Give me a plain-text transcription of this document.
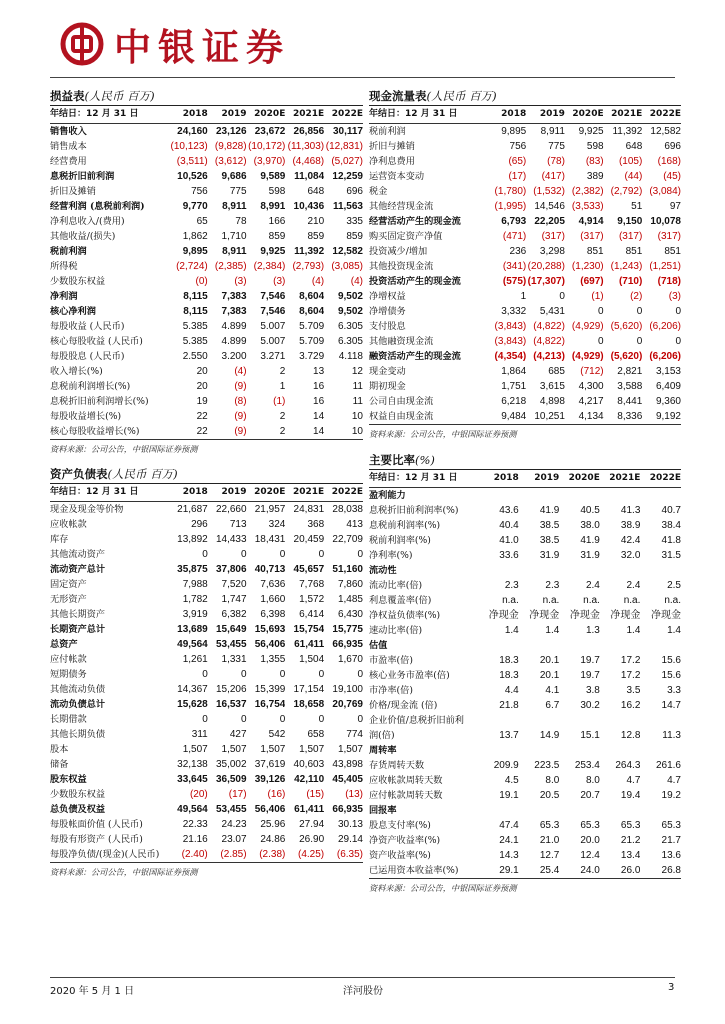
中银证券
损益表(人民币 百万)
年结日：12 月 31 日	2018	2019	2020E	2021E	2022E
销售收入	24,160	23,126	23,672	26,856	30,117
销售成本	(10,123)	(9,828)	(10,172)	(11,303)	(12,831)
经营费用	(3,511)	(3,612)	(3,970)	(4,468)	(5,027)
息税折旧前利润	10,526	9,686	9,589	11,084	12,259
折旧及摊销	756	775	598	648	696
经营利润 (息税前利润)	9,770	8,911	8,991	10,436	11,563
净利息收入/(费用)	65	78	166	210	335
其他收益/(损失)	1,862	1,710	859	859	859
税前利润	9,895	8,911	9,925	11,392	12,582
所得税	(2,724)	(2,385)	(2,384)	(2,793)	(3,085)
少数股东权益	(0)	(3)	(3)	(4)	(4)
净利润	8,115	7,383	7,546	8,604	9,502
核心净利润	8,115	7,383	7,546	8,604	9,502
每股收益 (人民币)	5.385	4.899	5.007	5.709	6.305
核心每股收益 (人民币)	5.385	4.899	5.007	5.709	6.305
每股股息 (人民币)	2.550	3.200	3.271	3.729	4.118
收入增长(%)	20	(4)	2	13	12
息税前利润增长(%)	20	(9)	1	16	11
息税折旧前利润增长(%)	19	(8)	(1)	16	11
每股收益增长(%)	22	(9)	2	14	10
核心每股收益增长(%)	22	(9)	2	14	10
资料来源：公司公告，中银国际证券预测
现金流量表(人民币 百万)
年结日：12 月 31 日	2018	2019	2020E	2021E	2022E
税前利润	9,895	8,911	9,925	11,392	12,582
折旧与摊销	756	775	598	648	696
净利息费用	(65)	(78)	(83)	(105)	(168)
运营资本变动	(17)	(417)	389	(44)	(45)
税金	(1,780)	(1,532)	(2,382)	(2,792)	(3,084)
其他经营现金流	(1,995)	14,546	(3,533)	51	97
经营活动产生的现金流	6,793	22,205	4,914	9,150	10,078
购买固定资产净值	(471)	(317)	(317)	(317)	(317)
投资减少/增加	236	3,298	851	851	851
其他投资现金流	(341)	(20,288)	(1,230)	(1,243)	(1,251)
投资活动产生的现金流	(575)	(17,307)	(697)	(710)	(718)
净增权益	1	0	(1)	(2)	(3)
净增债务	3,332	5,431	0	0	0
支付股息	(3,843)	(4,822)	(4,929)	(5,620)	(6,206)
其他融资现金流	(3,843)	(4,822)	0	0	0
融资活动产生的现金流	(4,354)	(4,213)	(4,929)	(5,620)	(6,206)
现金变动	1,864	685	(712)	2,821	3,153
期初现金	1,751	3,615	4,300	3,588	6,409
公司自由现金流	6,218	4,898	4,217	8,441	9,360
权益自由现金流	9,484	10,251	4,134	8,336	9,192
资料来源：公司公告，中银国际证券预测
资产负债表(人民币 百万)
年结日：12 月 31 日	2018	2019	2020E	2021E	2022E
现金及现金等价物	21,687	22,660	21,957	24,831	28,038
应收帐款	296	713	324	368	413
库存	13,892	14,433	18,431	20,459	22,709
其他流动资产	0	0	0	0	0
流动资产总计	35,875	37,806	40,713	45,657	51,160
固定资产	7,988	7,520	7,636	7,768	7,860
无形资产	1,782	1,747	1,660	1,572	1,485
其他长期资产	3,919	6,382	6,398	6,414	6,430
长期资产总计	13,689	15,649	15,693	15,754	15,775
总资产	49,564	53,455	56,406	61,411	66,935
应付帐款	1,261	1,331	1,355	1,504	1,670
短期债务	0	0	0	0	0
其他流动负债	14,367	15,206	15,399	17,154	19,100
流动负债总计	15,628	16,537	16,754	18,658	20,769
长期借款	0	0	0	0	0
其他长期负债	311	427	542	658	774
股本	1,507	1,507	1,507	1,507	1,507
储备	32,138	35,002	37,619	40,603	43,898
股东权益	33,645	36,509	39,126	42,110	45,405
少数股东权益	(20)	(17)	(16)	(15)	(13)
总负债及权益	49,564	53,455	56,406	61,411	66,935
每股帐面价值 (人民币)	22.33	24.23	25.96	27.94	30.13
每股有形资产 (人民币)	21.16	23.07	24.86	26.90	29.14
每股净负债/(现金)(人民币)	(2.40)	(2.85)	(2.38)	(4.25)	(6.35)
资料来源：公司公告，中银国际证券预测
主要比率(%)
年结日：12 月 31 日	2018	2019	2020E	2021E	2022E
盈利能力					
息税折旧前利润率(%)	43.6	41.9	40.5	41.3	40.7
息税前利润率(%)	40.4	38.5	38.0	38.9	38.4
税前利润率(%)	41.0	38.5	41.9	42.4	41.8
净利率(%)	33.6	31.9	31.9	32.0	31.5
流动性					
流动比率(倍)	2.3	2.3	2.4	2.4	2.5
利息覆盖率(倍)	n.a.	n.a.	n.a.	n.a.	n.a.
净权益负债率(%)	净现金	净现金	净现金	净现金	净现金
速动比率(倍)	1.4	1.4	1.3	1.4	1.4
估值					
市盈率(倍)	18.3	20.1	19.7	17.2	15.6
核心业务市盈率(倍)	18.3	20.1	19.7	17.2	15.6
市净率(倍)	4.4	4.1	3.8	3.5	3.3
价格/现金流 (倍)	21.8	6.7	30.2	16.2	14.7
企业价值/息税折旧前利					
润(倍)	13.7	14.9	15.1	12.8	11.3
周转率					
存货周转天数	209.9	223.5	253.4	264.3	261.6
应收帐款周转天数	4.5	8.0	8.0	4.7	4.7
应付帐款周转天数	19.1	20.5	20.7	19.4	19.2
回报率					
股息支付率(%)	47.4	65.3	65.3	65.3	65.3
净资产收益率(%)	24.1	21.0	20.0	21.2	21.7
资产收益率(%)	14.3	12.7	12.4	13.4	13.6
已运用资本收益率(%)	29.1	25.4	24.0	26.0	26.8
资料来源：公司公告，中银国际证券预测
2020 年 5 月 1 日	洋河股份	3
